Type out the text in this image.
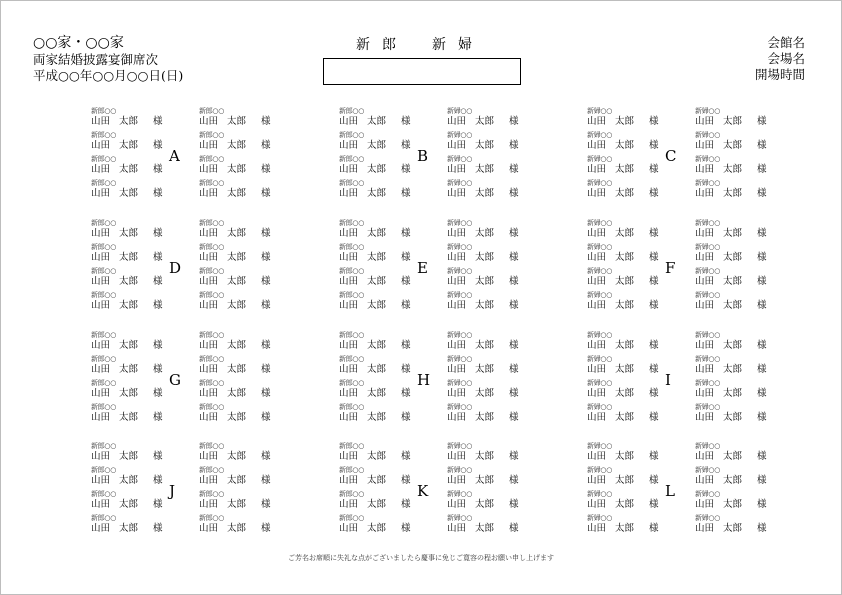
○○家・○○家
両家結婚披露宴御席次
平成○○年○○月○○日(日)
新郎 新婦	会館名
会場名
開場時間
新郎○○
山田 太郎 様
新郎○○
山田 太郎 様
新郎○○
山田 太郎 様
新郎○○
山田 太郎 様
新郎○○
山田 太郎 様
新郎○○
山田 太郎 様
新郎○○
山田 太郎 様
新郎○○
山田 太郎 様
A
新郎○○
山田 太郎 様
新郎○○
山田 太郎 様
新郎○○
山田 太郎 様
新郎○○
山田 太郎 様
新婦○○
山田 太郎 様
新婦○○
山田 太郎 様
新婦○○
山田 太郎 様
新婦○○
山田 太郎 様
B
新婦○○
山田 太郎 様
新婦○○
山田 太郎 様
新婦○○
山田 太郎 様
新婦○○
山田 太郎 様
新婦○○
山田 太郎 様
新婦○○
山田 太郎 様
新婦○○
山田 太郎 様
新婦○○
山田 太郎 様
C
新郎○○
山田 太郎 様
新郎○○
山田 太郎 様
新郎○○
山田 太郎 様
新郎○○
山田 太郎 様
新郎○○
山田 太郎 様
新郎○○
山田 太郎 様
新郎○○
山田 太郎 様
新郎○○
山田 太郎 様
D
新郎○○
山田 太郎 様
新郎○○
山田 太郎 様
新郎○○
山田 太郎 様
新郎○○
山田 太郎 様
新婦○○
山田 太郎 様
新婦○○
山田 太郎 様
新婦○○
山田 太郎 様
新婦○○
山田 太郎 様
E
新婦○○
山田 太郎 様
新婦○○
山田 太郎 様
新婦○○
山田 太郎 様
新婦○○
山田 太郎 様
新婦○○
山田 太郎 様
新婦○○
山田 太郎 様
新婦○○
山田 太郎 様
新婦○○
山田 太郎 様
F
新郎○○
山田 太郎 様
新郎○○
山田 太郎 様
新郎○○
山田 太郎 様
新郎○○
山田 太郎 様
新郎○○
山田 太郎 様
新郎○○
山田 太郎 様
新郎○○
山田 太郎 様
新郎○○
山田 太郎 様
G
新郎○○
山田 太郎 様
新郎○○
山田 太郎 様
新郎○○
山田 太郎 様
新郎○○
山田 太郎 様
新婦○○
山田 太郎 様
新婦○○
山田 太郎 様
新婦○○
山田 太郎 様
新婦○○
山田 太郎 様
H
新婦○○
山田 太郎 様
新婦○○
山田 太郎 様
新婦○○
山田 太郎 様
新婦○○
山田 太郎 様
新婦○○
山田 太郎 様
新婦○○
山田 太郎 様
新婦○○
山田 太郎 様
新婦○○
山田 太郎 様
I
新郎○○
山田 太郎 様
新郎○○
山田 太郎 様
新郎○○
山田 太郎 様
新郎○○
山田 太郎 様
新郎○○
山田 太郎 様
新郎○○
山田 太郎 様
新郎○○
山田 太郎 様
新郎○○
山田 太郎 様
J
新郎○○
山田 太郎 様
新郎○○
山田 太郎 様
新郎○○
山田 太郎 様
新郎○○
山田 太郎 様
新婦○○
山田 太郎 様
新婦○○
山田 太郎 様
新婦○○
山田 太郎 様
新婦○○
山田 太郎 様
K
新婦○○
山田 太郎 様
新婦○○
山田 太郎 様
新婦○○
山田 太郎 様
新婦○○
山田 太郎 様
新婦○○
山田 太郎 様
新婦○○
山田 太郎 様
新婦○○
山田 太郎 様
新婦○○
山田 太郎 様
L
ご芳名お席順に失礼な点がございましたら慶事に免じご寛容の程お願い申し上げます
